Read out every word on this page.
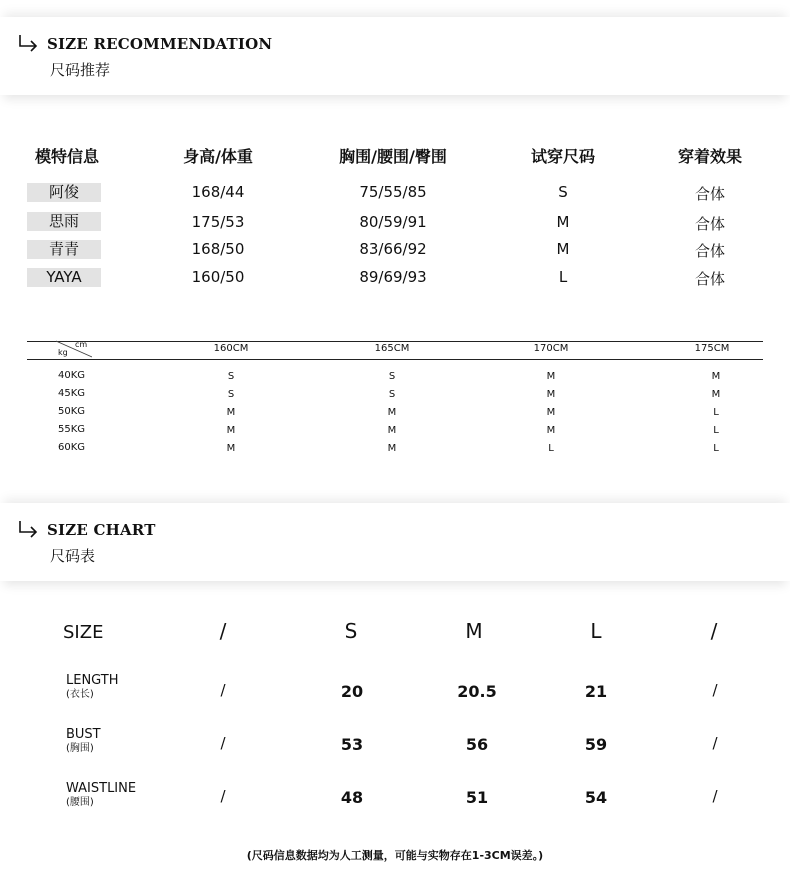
SIZE RECOMMENDATION
尺码推荐
模特信息	身高/体重	胸围/腰围/臀围	试穿尺码	穿着效果
阿俊	168/44	75/55/85	S	合体
思雨	175/53	80/59/91	M	合体
青青	168/50	83/66/92	M	合体
YAYA	160/50	89/69/93	L	合体
cm
kg	160CM	165CM	170CM	175CM
40KG	S	S	M	M
45KG	S	S	M	M
50KG	M	M	M	L
55KG	M	M	M	L
60KG	M	M	L	L
SIZE CHART
尺码表
SIZE	/	S	M	L	/
LENGTH
(衣长)	/	20	20.5	21	/
BUST
(胸围)	/	53	56	59	/
WAISTLINE
(腰围)	/	48	51	54	/
(尺码信息数据均为人工测量，可能与实物存在1-3CM误差。)
